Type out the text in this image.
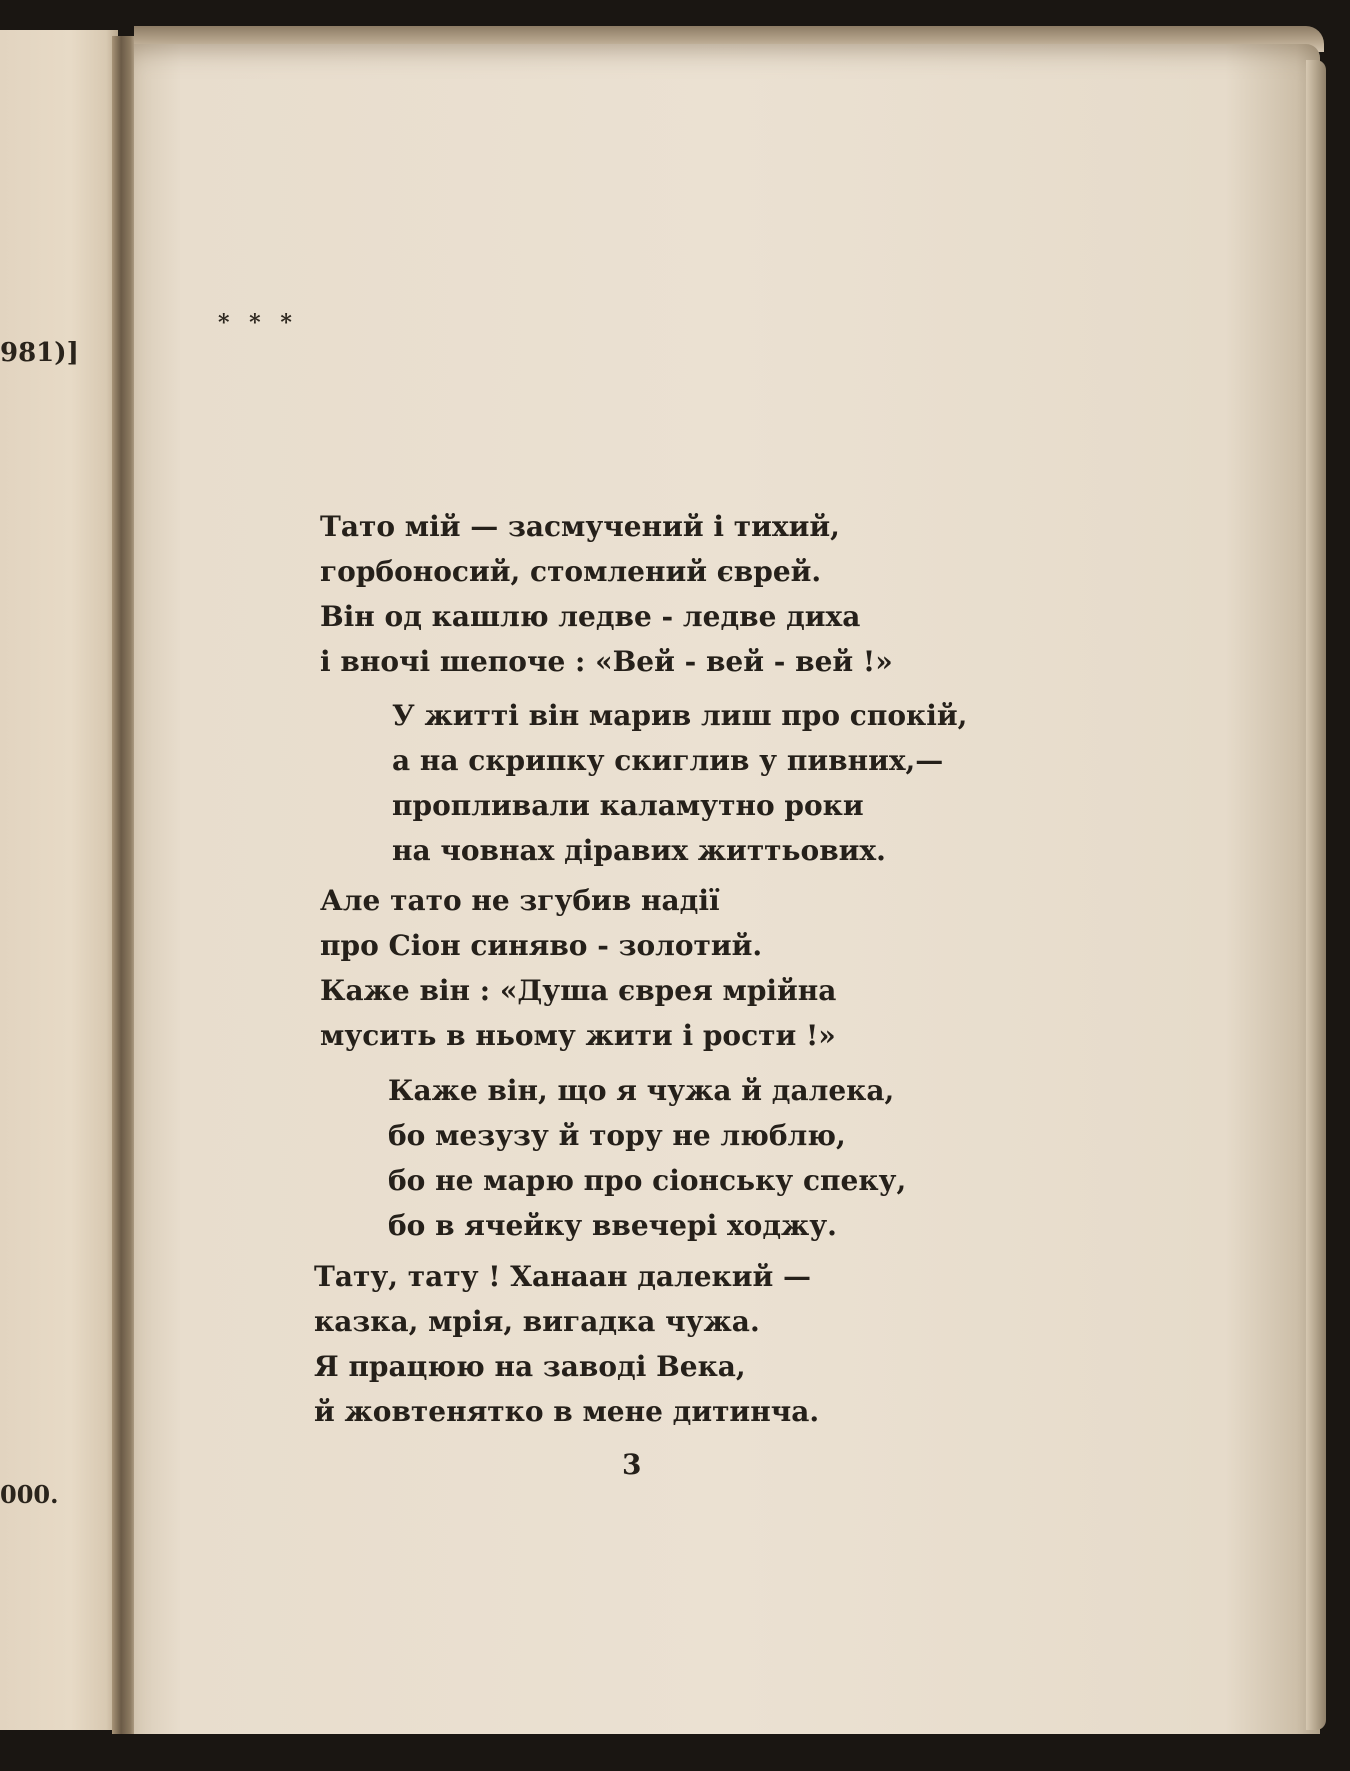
981)]
000.
* * *
Тато мій — засмучений і тихий,
горбоносий, стомлений єврей.
Він од кашлю ледве - ледве диха
і вночі шепоче : «Вей - вей - вей !»
У житті він марив лиш про спокій,
а на скрипку скиглив у пивних,—
пропливали каламутно роки
на човнах діравих життьових.
Але тато не згубив надії
про Сіон синяво - золотий.
Каже він : «Душа єврея мрійна
мусить в ньому жити і рости !»
Каже він, що я чужа й далека,
бо мезузу й тору не люблю,
бо не марю про сіонську спеку,
бо в ячейку ввечері ходжу.
Тату, тату ! Ханаан далекий —
казка, мрія, вигадка чужа.
Я працюю на заводі Века,
й жовтенятко в мене дитинча.
3
